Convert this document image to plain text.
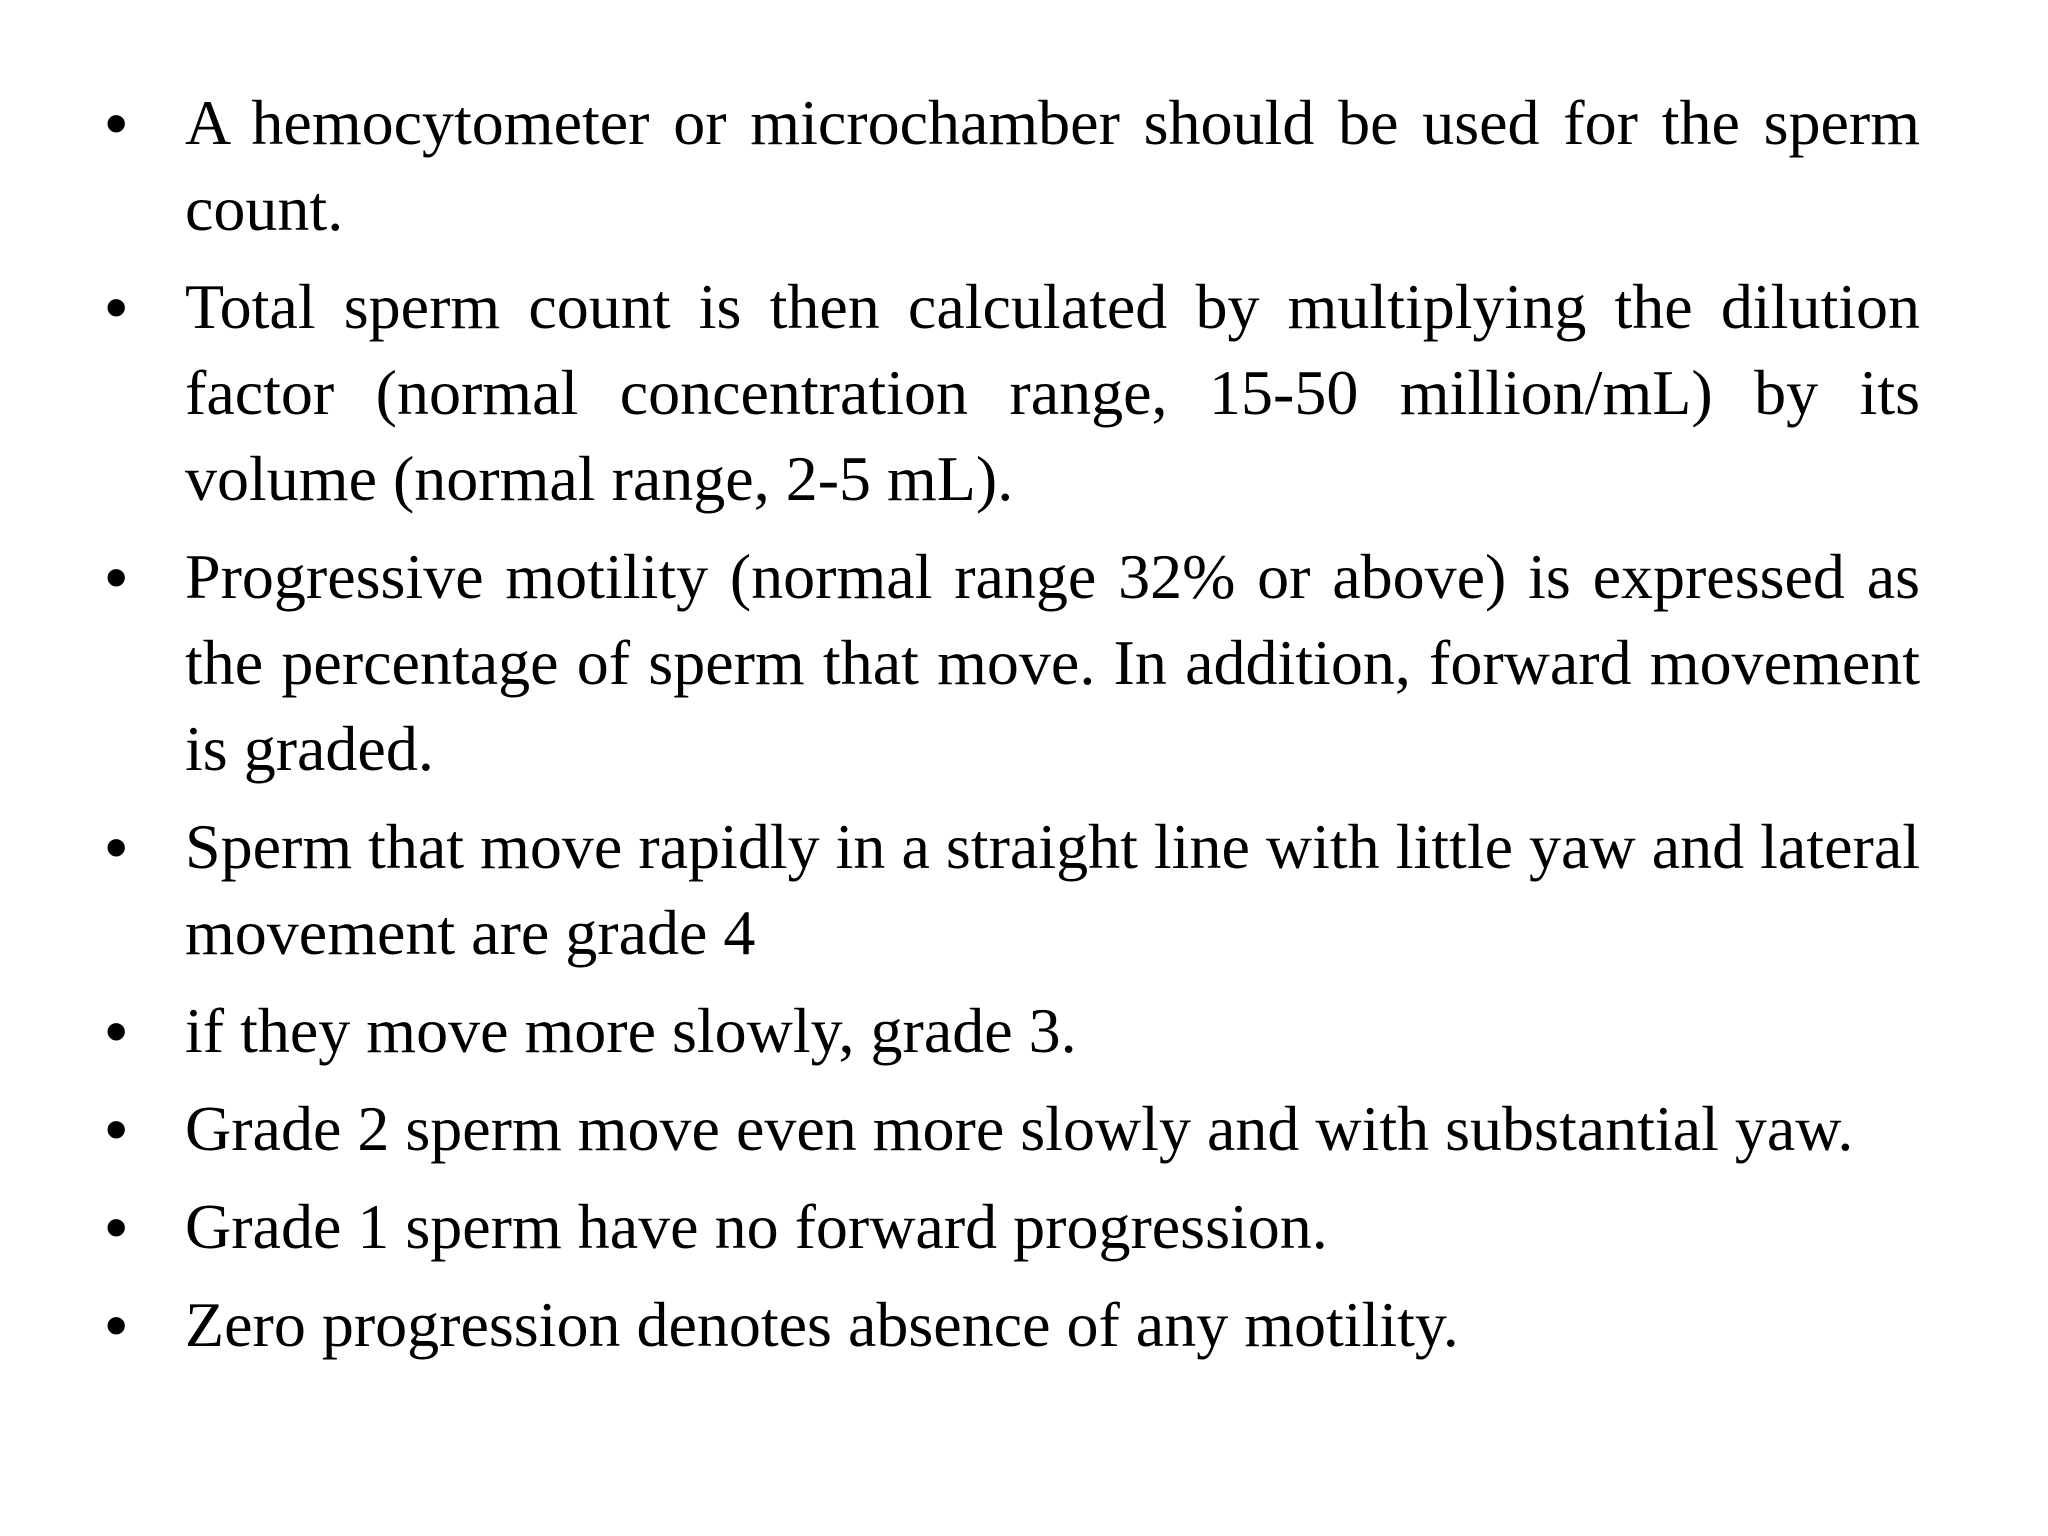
• A hemocytometer or microchamber should be used for the sperm count.
• Total sperm count is then calculated by multiplying the dilution factor (normal concentration range, 15-50 million/mL) by its volume (normal range, 2-5 mL).
• Progressive motility (normal range 32% or above) is expressed as the percentage of sperm that move. In addition, forward movement is graded.
• Sperm that move rapidly in a straight line with little yaw and lateral movement are grade 4
• if they move more slowly, grade 3.
• Grade 2 sperm move even more slowly and with substantial yaw.
• Grade 1 sperm have no forward progression.
• Zero progression denotes absence of any motility.
